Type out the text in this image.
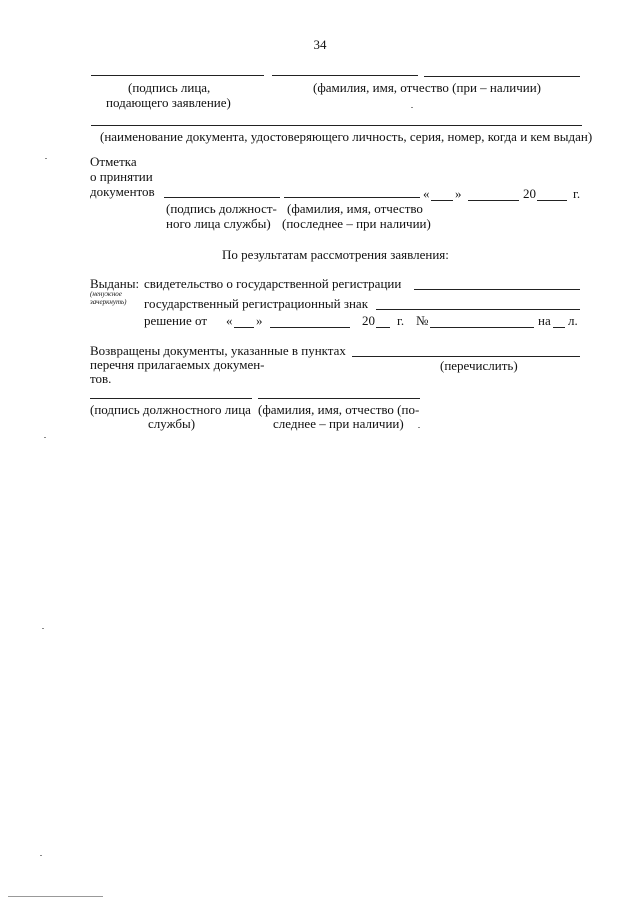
34
(подпись лица,
подающего заявление)
(фамилия, имя, отчество (при – наличии)
(наименование документа, удостоверяющего личность, серия, номер, когда и кем выдан)
Отметка
о принятии
документов	« »	20	г.
(подпись должност-
ного лица службы)
(фамилия, имя, отчество
(последнее – при наличии)
По результатам рассмотрения заявления:
Выданы:
(ненужное
зачеркнуть)
свидетельство о государственной регистрации
государственный регистрационный знак
решение от « »	20 г. №	на л.
Возвращены документы, указанные в пунктах
перечня прилагаемых докумен-
тов.
(перечислить)
(подпись должностного лица
службы)
(фамилия, имя, отчество (по-
следнее – при наличии)
